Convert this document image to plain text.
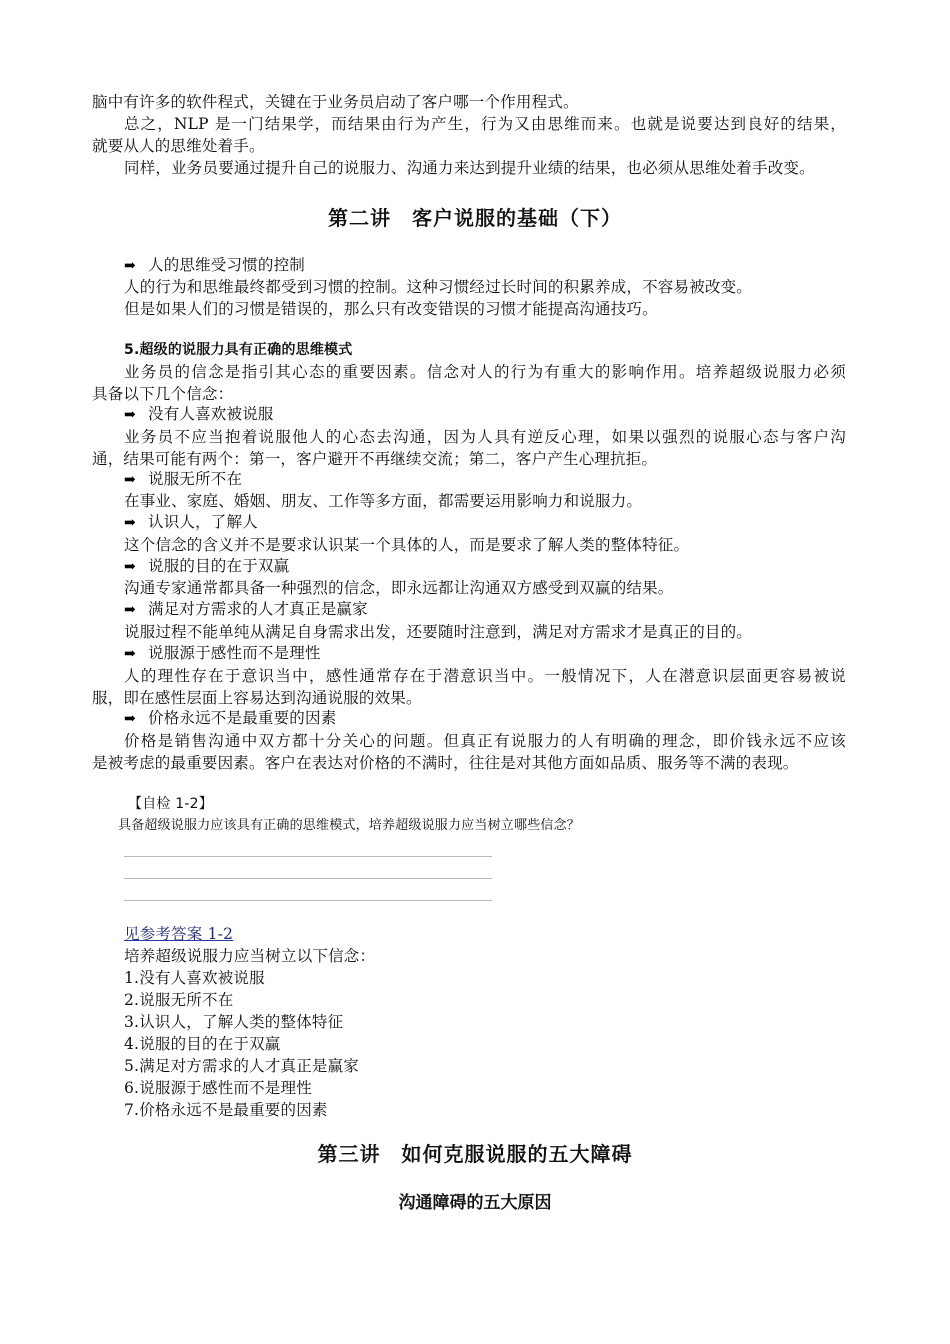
脑中有许多的软件程式，关键在于业务员启动了客户哪一个作用程式。
总之，NLP 是一门结果学，而结果由行为产生，行为又由思维而来。也就是说要达到良好的结果，
就要从人的思维处着手。
同样，业务员要通过提升自己的说服力、沟通力来达到提升业绩的结果，也必须从思维处着手改变。
第二讲　客户说服的基础（下）
➡ 人的思维受习惯的控制
人的行为和思维最终都受到习惯的控制。这种习惯经过长时间的积累养成，不容易被改变。
但是如果人们的习惯是错误的，那么只有改变错误的习惯才能提高沟通技巧。
5.超级的说服力具有正确的思维模式
业务员的信念是指引其心态的重要因素。信念对人的行为有重大的影响作用。培养超级说服力必须
具备以下几个信念：
➡ 没有人喜欢被说服
业务员不应当抱着说服他人的心态去沟通，因为人具有逆反心理，如果以强烈的说服心态与客户沟
通，结果可能有两个：第一，客户避开不再继续交流；第二，客户产生心理抗拒。
➡ 说服无所不在
在事业、家庭、婚姻、朋友、工作等多方面，都需要运用影响力和说服力。
➡ 认识人，了解人
这个信念的含义并不是要求认识某一个具体的人，而是要求了解人类的整体特征。
➡ 说服的目的在于双赢
沟通专家通常都具备一种强烈的信念，即永远都让沟通双方感受到双赢的结果。
➡ 满足对方需求的人才真正是赢家
说服过程不能单纯从满足自身需求出发，还要随时注意到，满足对方需求才是真正的目的。
➡ 说服源于感性而不是理性
人的理性存在于意识当中，感性通常存在于潜意识当中。一般情况下，人在潜意识层面更容易被说
服，即在感性层面上容易达到沟通说服的效果。
➡ 价格永远不是最重要的因素
价格是销售沟通中双方都十分关心的问题。但真正有说服力的人有明确的理念，即价钱永远不应该
是被考虑的最重要因素。客户在表达对价格的不满时，往往是对其他方面如品质、服务等不满的表现。
【自检 1-2】
具备超级说服力应该具有正确的思维模式，培养超级说服力应当树立哪些信念？
见参考答案 1-2
培养超级说服力应当树立以下信念：
1.没有人喜欢被说服
2.说服无所不在
3.认识人，了解人类的整体特征
4.说服的目的在于双赢
5.满足对方需求的人才真正是赢家
6.说服源于感性而不是理性
7.价格永远不是最重要的因素
第三讲　如何克服说服的五大障碍
沟通障碍的五大原因
